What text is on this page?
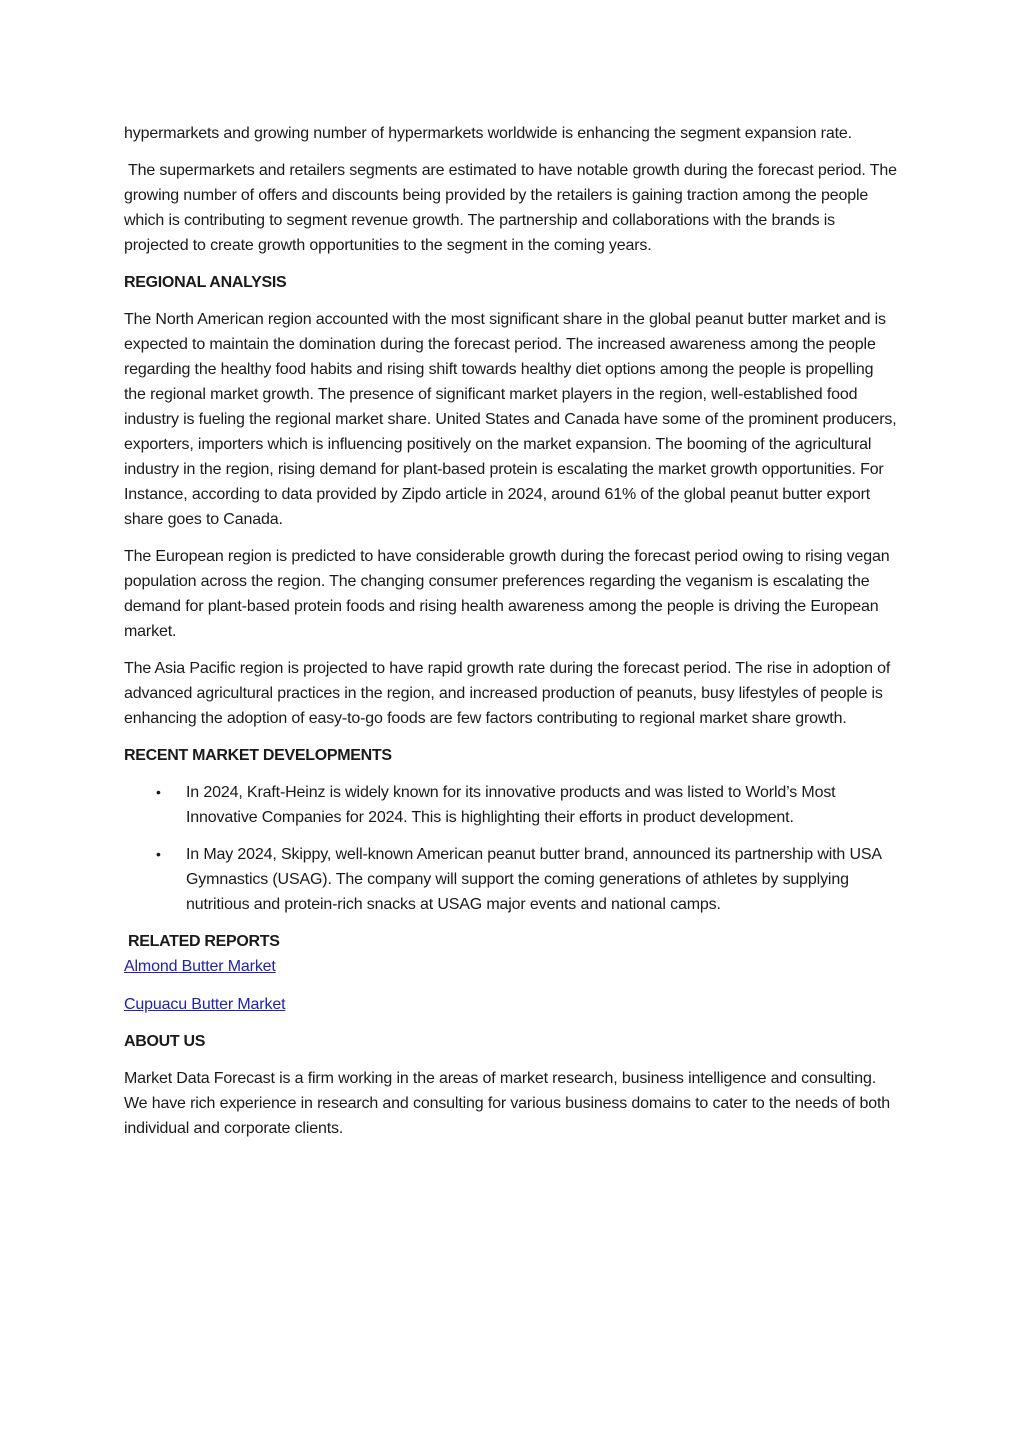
hypermarkets and growing number of hypermarkets worldwide is enhancing the segment expansion rate.

The supermarkets and retailers segments are estimated to have notable growth during the forecast period. The growing number of offers and discounts being provided by the retailers is gaining traction among the people which is contributing to segment revenue growth. The partnership and collaborations with the brands is projected to create growth opportunities to the segment in the coming years.

REGIONAL ANALYSIS

The North American region accounted with the most significant share in the global peanut butter market and is expected to maintain the domination during the forecast period. The increased awareness among the people regarding the healthy food habits and rising shift towards healthy diet options among the people is propelling the regional market growth. The presence of significant market players in the region, well-established food industry is fueling the regional market share. United States and Canada have some of the prominent producers, exporters, importers which is influencing positively on the market expansion. The booming of the agricultural industry in the region, rising demand for plant-based protein is escalating the market growth opportunities. For Instance, according to data provided by Zipdo article in 2024, around 61% of the global peanut butter export share goes to Canada.

The European region is predicted to have considerable growth during the forecast period owing to rising vegan population across the region. The changing consumer preferences regarding the veganism is escalating the demand for plant-based protein foods and rising health awareness among the people is driving the European market.

The Asia Pacific region is projected to have rapid growth rate during the forecast period. The rise in adoption of advanced agricultural practices in the region, and increased production of peanuts, busy lifestyles of people is enhancing the adoption of easy-to-go foods are few factors contributing to regional market share growth.

RECENT MARKET DEVELOPMENTS
• In 2024, Kraft-Heinz is widely known for its innovative products and was listed to World’s Most Innovative Companies for 2024. This is highlighting their efforts in product development.
• In May 2024, Skippy, well-known American peanut butter brand, announced its partnership with USA Gymnastics (USAG). The company will support the coming generations of athletes by supplying nutritious and protein-rich snacks at USAG major events and national camps.
RELATED REPORTS
Almond Butter Market
Cupuacu Butter Market
ABOUT US

Market Data Forecast is a firm working in the areas of market research, business intelligence and consulting. We have rich experience in research and consulting for various business domains to cater to the needs of both individual and corporate clients.
